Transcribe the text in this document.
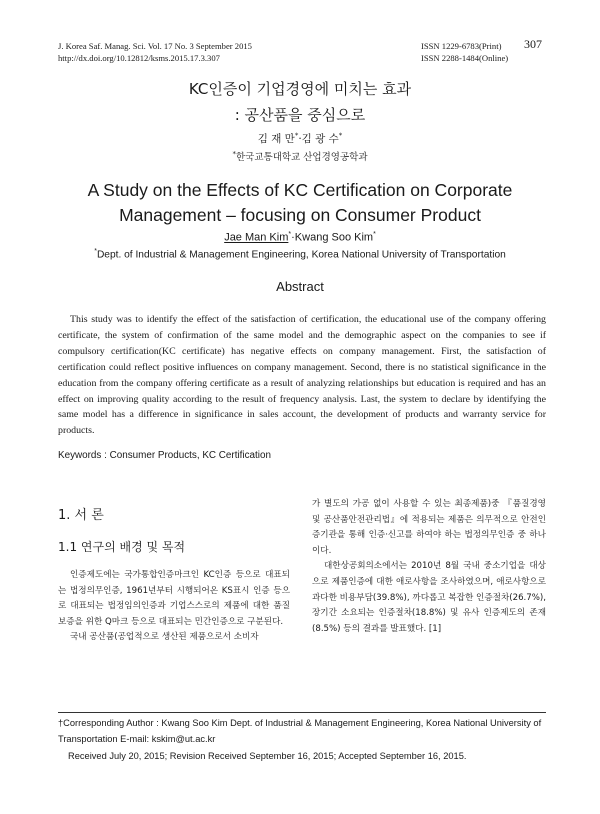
J. Korea Saf. Manag. Sci. Vol. 17 No. 3 September 2015
http://dx.doi.org/10.12812/ksms.2015.17.3.307
ISSN 1229-6783(Print)
ISSN 2288-1484(Online)
307
KC인증이 기업경영에 미치는 효과
: 공산품을 중심으로
김 재 만*·김 광 수*
*한국교통대학교 산업경영공학과
A Study on the Effects of KC Certification on Corporate
Management – focusing on Consumer Product
Jae Man Kim*·Kwang Soo Kim*
*Dept. of Industrial & Management Engineering, Korea National University of Transportation
Abstract

This study was to identify the effect of the satisfaction of certification, the educational use of the company offering certificate, the system of confirmation of the same model and the demographic aspect on the companies to see if compulsory certification(KC certificate) has negative effects on company management. First, the satisfaction of certification could reflect positive influences on company management. Second, there is no statistical significance in the education from the company offering certificate as a result of analyzing relationships but education is required and has an effect on improving quality according to the result of frequency analysis. Last, the system to declare by identifying the same model has a difference in significance in sales account, the development of products and warranty service for products.

Keywords : Consumer Products, KC Certification
1. 서 론
1.1 연구의 배경 및 목적

인증제도에는 국가통합인증마크인 KC인증 등으로 대표되는 법정의무인증, 1961년부터 시행되어온 KS표시 인증 등으로 대표되는 법정임의인증과 기업스스로의 제품에 대한 품질보증을 위한 Q마크 등으로 대표되는 민간인증으로 구분된다.

국내 공산품(공업적으로 생산된 제품으로서 소비자

가 별도의 가공 없이 사용할 수 있는 최종제품)중 『품질경영 및 공산품안전관리법』에 적용되는 제품은 의무적으로 안전인증기관을 통해 인증·신고를 하여야 하는 법정의무인증 중 하나이다.

대한상공회의소에서는 2010년 8월 국내 중소기업을 대상으로 제품인증에 대한 애로사항을 조사하였으며, 애로사항으로 과다한 비용부담(39.8%), 까다롭고 복잡한 인증절차(26.7%), 장기간 소요되는 인증절차(18.8%) 및 유사 인증제도의 존재(8.5%) 등의 결과를 발표했다. [1]

†Corresponding Author : Kwang Soo Kim Dept. of Industrial & Management Engineering, Korea National University of Transportation E-mail: kskim@ut.ac.kr
Received July 20, 2015; Revision Received September 16, 2015; Accepted September 16, 2015.
